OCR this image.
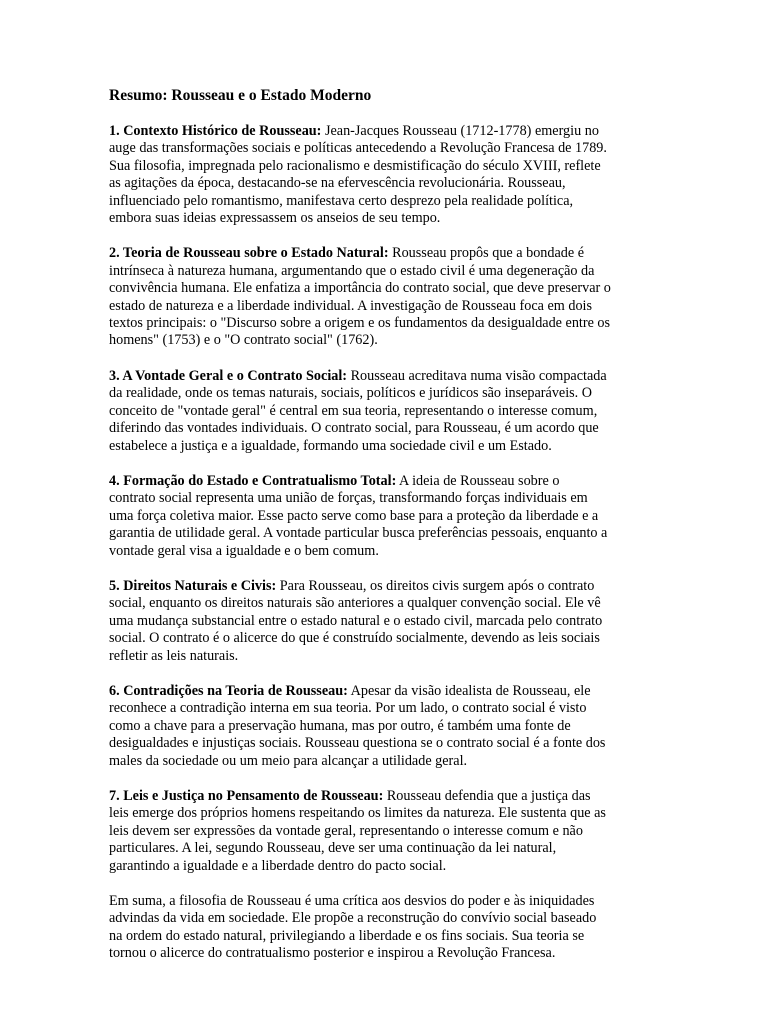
Resumo: Rousseau e o Estado Moderno
1. Contexto Histórico de Rousseau: Jean-Jacques Rousseau (1712-1778) emergiu no
auge das transformações sociais e políticas antecedendo a Revolução Francesa de 1789.
Sua filosofia, impregnada pelo racionalismo e desmistificação do século XVIII, reflete
as agitações da época, destacando-se na efervescência revolucionária. Rousseau,
influenciado pelo romantismo, manifestava certo desprezo pela realidade política,
embora suas ideias expressassem os anseios de seu tempo.
2. Teoria de Rousseau sobre o Estado Natural: Rousseau propôs que a bondade é
intrínseca à natureza humana, argumentando que o estado civil é uma degeneração da
convivência humana. Ele enfatiza a importância do contrato social, que deve preservar o
estado de natureza e a liberdade individual. A investigação de Rousseau foca em dois
textos principais: o "Discurso sobre a origem e os fundamentos da desigualdade entre os
homens" (1753) e o "O contrato social" (1762).
3. A Vontade Geral e o Contrato Social: Rousseau acreditava numa visão compactada
da realidade, onde os temas naturais, sociais, políticos e jurídicos são inseparáveis. O
conceito de "vontade geral" é central em sua teoria, representando o interesse comum,
diferindo das vontades individuais. O contrato social, para Rousseau, é um acordo que
estabelece a justiça e a igualdade, formando uma sociedade civil e um Estado.
4. Formação do Estado e Contratualismo Total: A ideia de Rousseau sobre o
contrato social representa uma união de forças, transformando forças individuais em
uma força coletiva maior. Esse pacto serve como base para a proteção da liberdade e a
garantia de utilidade geral. A vontade particular busca preferências pessoais, enquanto a
vontade geral visa a igualdade e o bem comum.
5. Direitos Naturais e Civis: Para Rousseau, os direitos civis surgem após o contrato
social, enquanto os direitos naturais são anteriores a qualquer convenção social. Ele vê
uma mudança substancial entre o estado natural e o estado civil, marcada pelo contrato
social. O contrato é o alicerce do que é construído socialmente, devendo as leis sociais
refletir as leis naturais.
6. Contradições na Teoria de Rousseau: Apesar da visão idealista de Rousseau, ele
reconhece a contradição interna em sua teoria. Por um lado, o contrato social é visto
como a chave para a preservação humana, mas por outro, é também uma fonte de
desigualdades e injustiças sociais. Rousseau questiona se o contrato social é a fonte dos
males da sociedade ou um meio para alcançar a utilidade geral.
7. Leis e Justiça no Pensamento de Rousseau: Rousseau defendia que a justiça das
leis emerge dos próprios homens respeitando os limites da natureza. Ele sustenta que as
leis devem ser expressões da vontade geral, representando o interesse comum e não
particulares. A lei, segundo Rousseau, deve ser uma continuação da lei natural,
garantindo a igualdade e a liberdade dentro do pacto social.
Em suma, a filosofia de Rousseau é uma crítica aos desvios do poder e às iniquidades
advindas da vida em sociedade. Ele propõe a reconstrução do convívio social baseado
na ordem do estado natural, privilegiando a liberdade e os fins sociais. Sua teoria se
tornou o alicerce do contratualismo posterior e inspirou a Revolução Francesa.
